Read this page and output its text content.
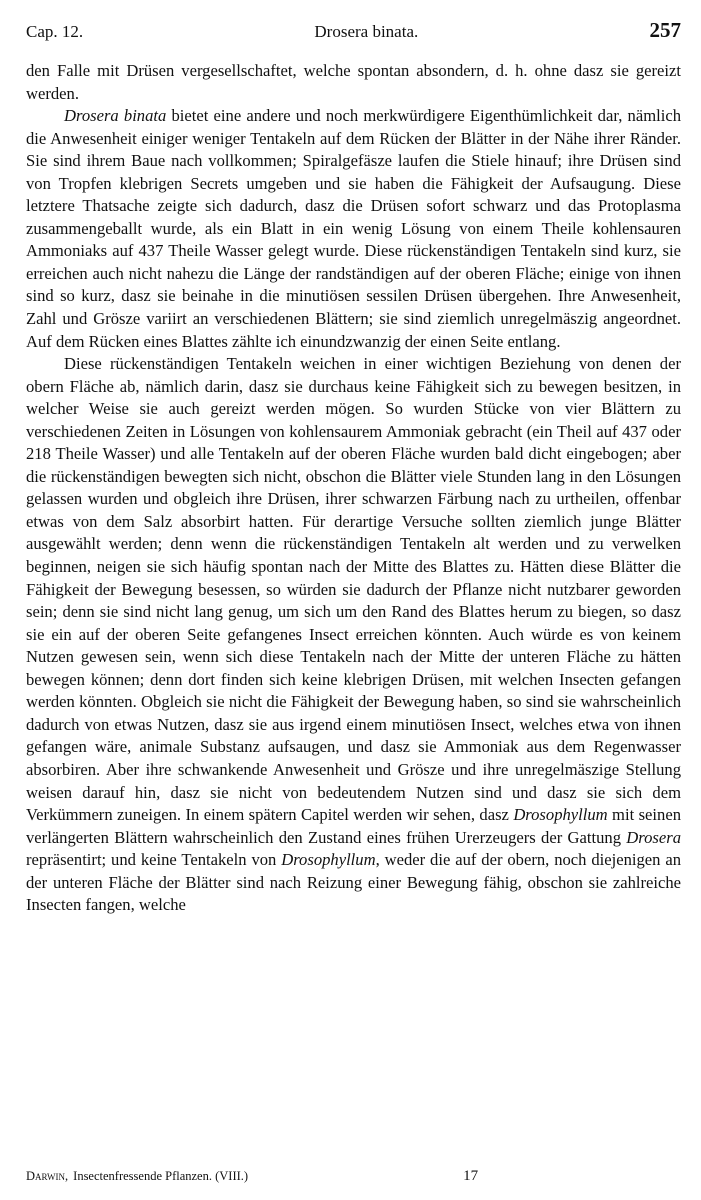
Cap. 12.	Drosera binata.	257

den Falle mit Drüsen vergesellschaftet, welche spontan absondern, d. h. ohne dasz sie gereizt werden.

Drosera binata bietet eine andere und noch merkwürdigere Eigenthümlichkeit dar, nämlich die Anwesenheit einiger weniger Tentakeln auf dem Rücken der Blätter in der Nähe ihrer Ränder. Sie sind ihrem Baue nach vollkommen; Spiralgefäsze laufen die Stiele hinauf; ihre Drüsen sind von Tropfen klebrigen Secrets umgeben und sie haben die Fähigkeit der Aufsaugung. Diese letztere Thatsache zeigte sich dadurch, dasz die Drüsen sofort schwarz und das Protoplasma zusammengeballt wurde, als ein Blatt in ein wenig Lösung von einem Theile kohlensauren Ammoniaks auf 437 Theile Wasser gelegt wurde. Diese rückenständigen Tentakeln sind kurz, sie erreichen auch nicht nahezu die Länge der randständigen auf der oberen Fläche; einige von ihnen sind so kurz, dasz sie beinahe in die minutiösen sessilen Drüsen übergehen. Ihre Anwesenheit, Zahl und Grösze variirt an verschiedenen Blättern; sie sind ziemlich unregelmäszig angeordnet. Auf dem Rücken eines Blattes zählte ich einundzwanzig der einen Seite entlang.

Diese rückenständigen Tentakeln weichen in einer wichtigen Beziehung von denen der obern Fläche ab, nämlich darin, dasz sie durchaus keine Fähigkeit sich zu bewegen besitzen, in welcher Weise sie auch gereizt werden mögen. So wurden Stücke von vier Blättern zu verschiedenen Zeiten in Lösungen von kohlensaurem Ammoniak gebracht (ein Theil auf 437 oder 218 Theile Wasser) und alle Tentakeln auf der oberen Fläche wurden bald dicht eingebogen; aber die rückenständigen bewegten sich nicht, obschon die Blätter viele Stunden lang in den Lösungen gelassen wurden und obgleich ihre Drüsen, ihrer schwarzen Färbung nach zu urtheilen, offenbar etwas von dem Salz absorbirt hatten. Für derartige Versuche sollten ziemlich junge Blätter ausgewählt werden; denn wenn die rückenständigen Tentakeln alt werden und zu verwelken beginnen, neigen sie sich häufig spontan nach der Mitte des Blattes zu. Hätten diese Blätter die Fähigkeit der Bewegung besessen, so würden sie dadurch der Pflanze nicht nutzbarer geworden sein; denn sie sind nicht lang genug, um sich um den Rand des Blattes herum zu biegen, so dasz sie ein auf der oberen Seite gefangenes Insect erreichen könnten. Auch würde es von keinem Nutzen gewesen sein, wenn sich diese Tentakeln nach der Mitte der unteren Fläche zu hätten bewegen können; denn dort finden sich keine klebrigen Drüsen, mit welchen Insecten gefangen werden könnten. Obgleich sie nicht die Fähigkeit der Bewegung haben, so sind sie wahrscheinlich dadurch von etwas Nutzen, dasz sie aus irgend einem minutiösen Insect, welches etwa von ihnen gefangen wäre, animale Substanz aufsaugen, und dasz sie Ammoniak aus dem Regenwasser absorbiren. Aber ihre schwankende Anwesenheit und Grösze und ihre unregelmäszige Stellung weisen darauf hin, dasz sie nicht von bedeutendem Nutzen sind und dasz sie sich dem Verkümmern zuneigen. In einem spätern Capitel werden wir sehen, dasz Drosophyllum mit seinen verlängerten Blättern wahrscheinlich den Zustand eines frühen Urerzeugers der Gattung Drosera repräsentirt; und keine Tentakeln von Drosophyllum, weder die auf der obern, noch diejenigen an der unteren Fläche der Blätter sind nach Reizung einer Bewegung fähig, obschon sie zahlreiche Insecten fangen, welche

Darwin, Insectenfressende Pflanzen. (VIII.)	17
